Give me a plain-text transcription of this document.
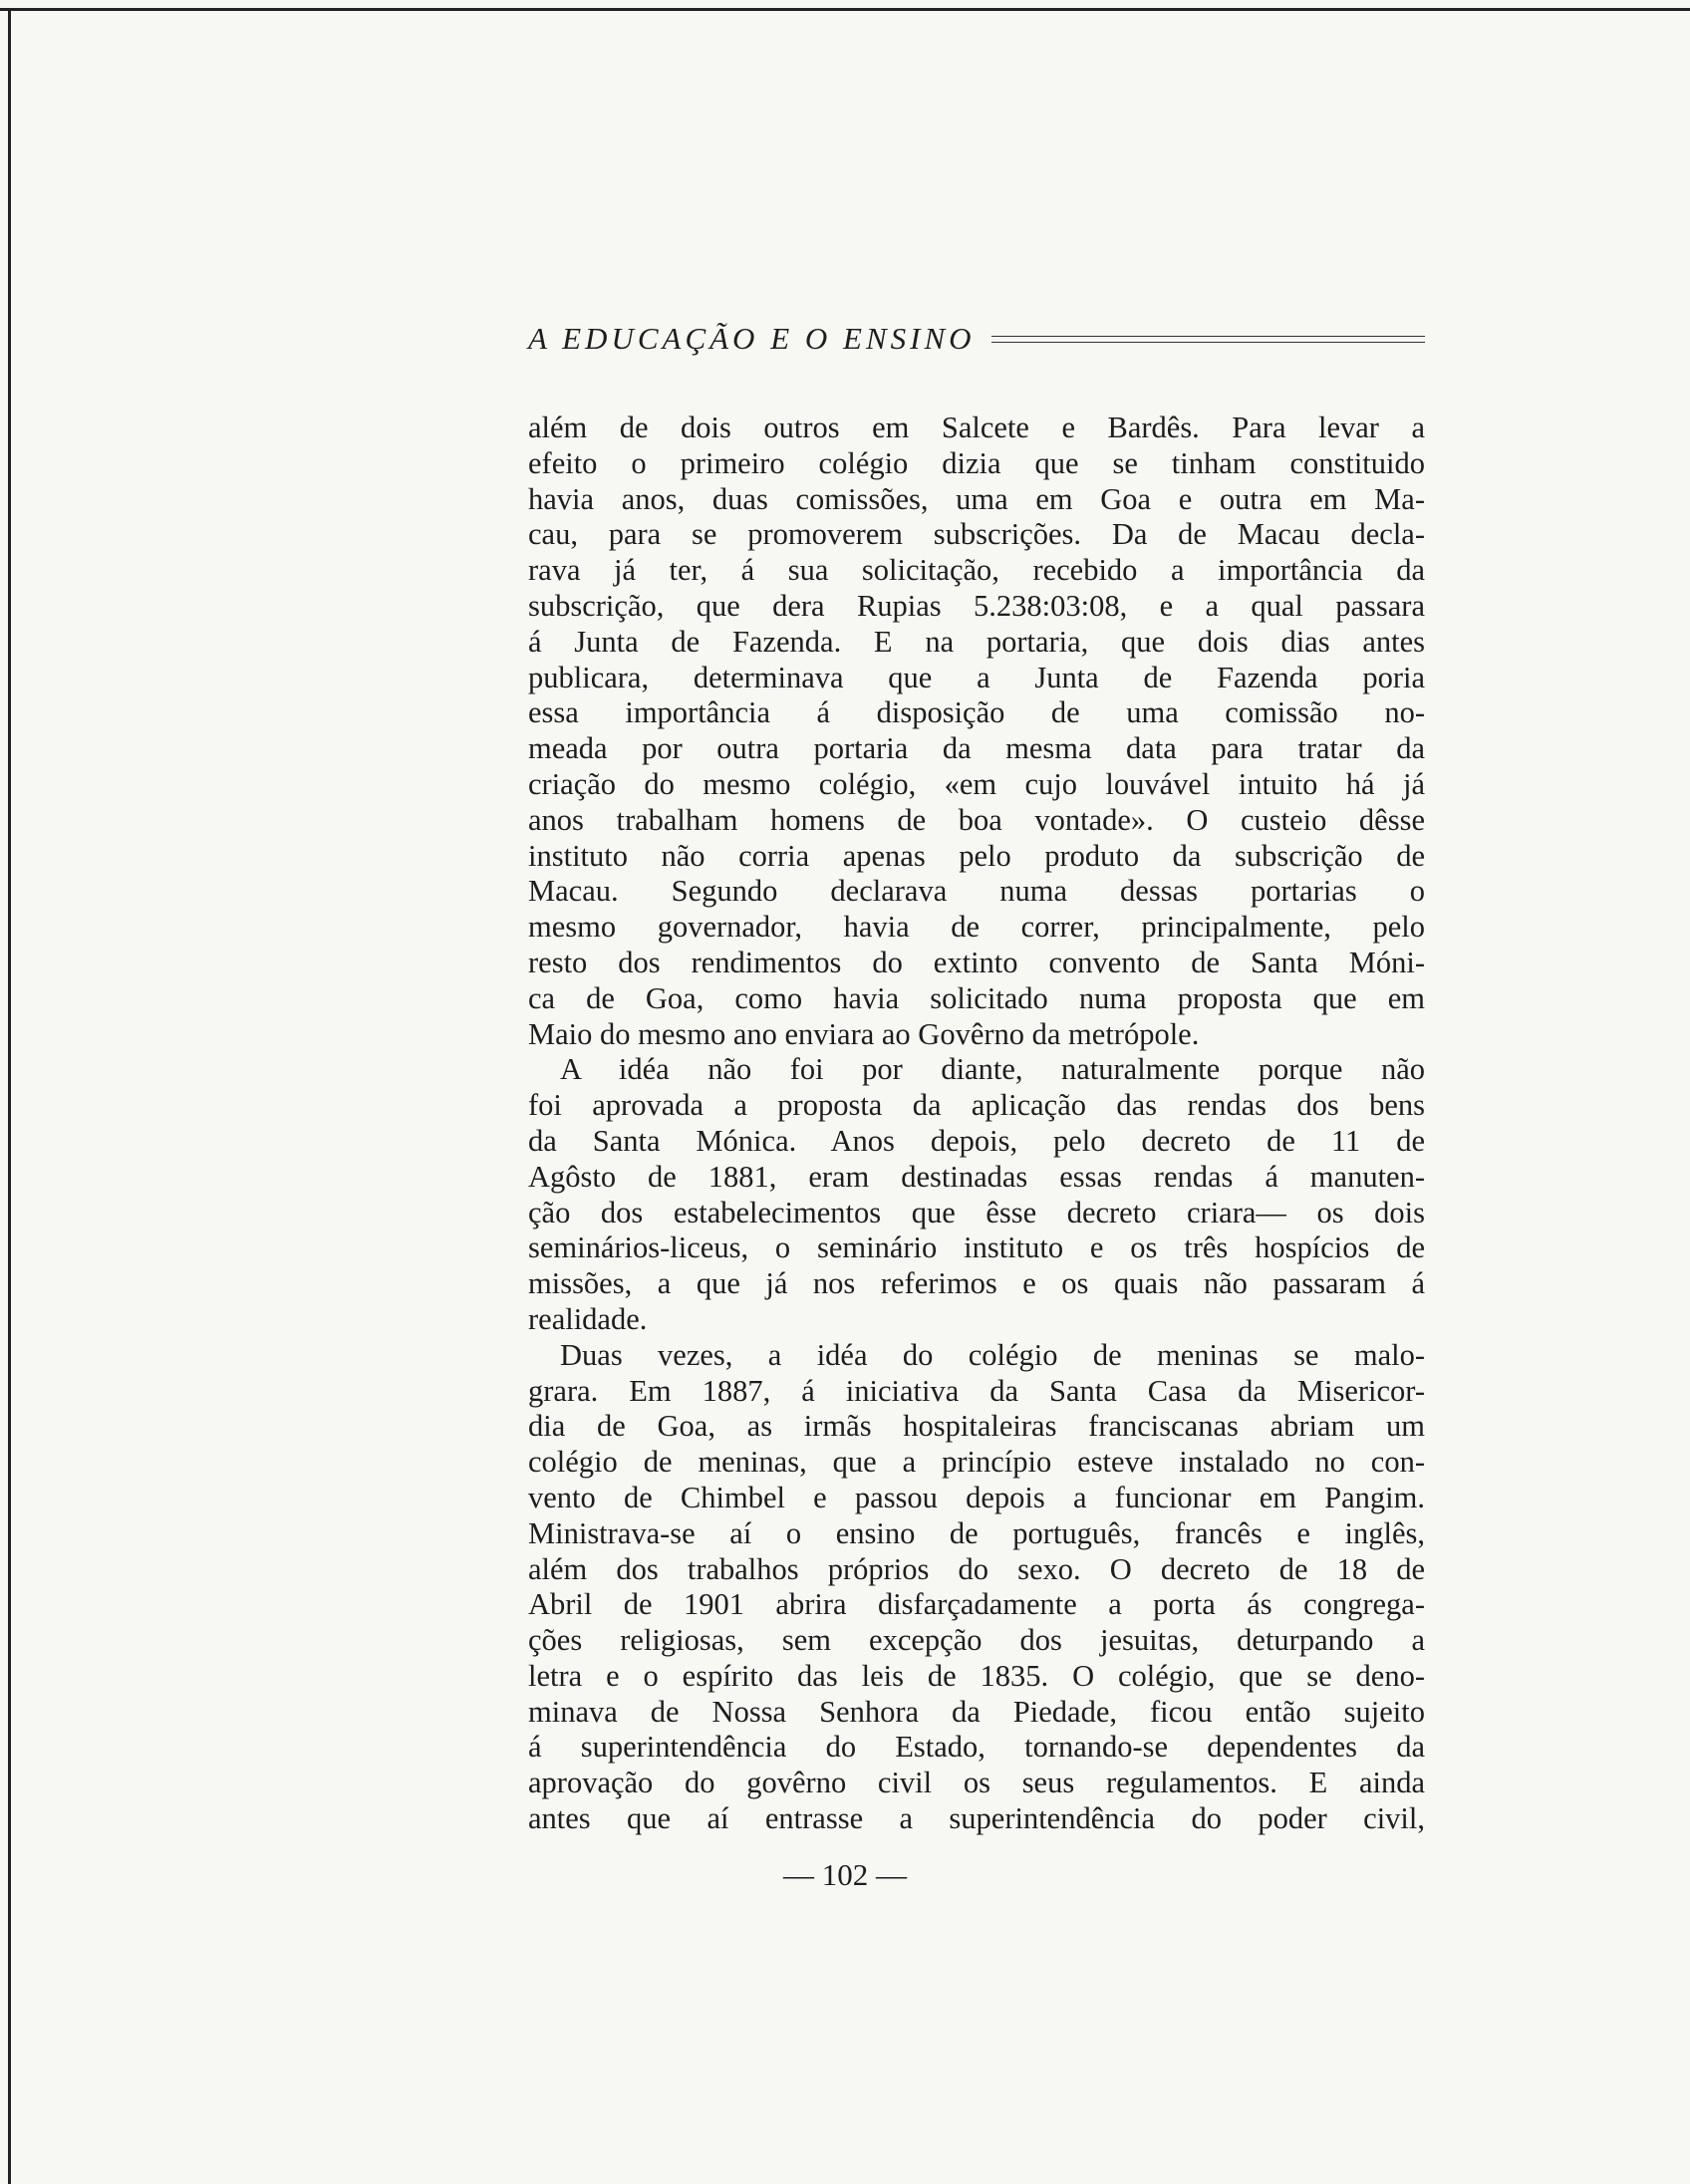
A EDUCAÇÃO E O ENSINO

além de dois outros em Salcete e Bardês. Para levar a
efeito o primeiro colégio dizia que se tinham constituido
havia anos, duas comissões, uma em Goa e outra em Ma-
cau, para se promoverem subscrições. Da de Macau decla-
rava já ter, á sua solicitação, recebido a importância da
subscrição, que dera Rupias 5.238:03:08, e a qual passara
á Junta de Fazenda. E na portaria, que dois dias antes
publicara, determinava que a Junta de Fazenda poria
essa importância á disposição de uma comissão no-
meada por outra portaria da mesma data para tratar da
criação do mesmo colégio, «em cujo louvável intuito há já
anos trabalham homens de boa vontade». O custeio dêsse
instituto não corria apenas pelo produto da subscrição de
Macau. Segundo declarava numa dessas portarias o
mesmo governador, havia de correr, principalmente, pelo
resto dos rendimentos do extinto convento de Santa Móni-
ca de Goa, como havia solicitado numa proposta que em
Maio do mesmo ano enviara ao Govêrno da metrópole.

A idéa não foi por diante, naturalmente porque não
foi aprovada a proposta da aplicação das rendas dos bens
da Santa Mónica. Anos depois, pelo decreto de 11 de
Agôsto de 1881, eram destinadas essas rendas á manuten-
ção dos estabelecimentos que êsse decreto criara— os dois
seminários-liceus, o seminário instituto e os três hospícios de
missões, a que já nos referimos e os quais não passaram á
realidade.

Duas vezes, a idéa do colégio de meninas se malo-
grara. Em 1887, á iniciativa da Santa Casa da Misericor-
dia de Goa, as irmãs hospitaleiras franciscanas abriam um
colégio de meninas, que a princípio esteve instalado no con-
vento de Chimbel e passou depois a funcionar em Pangim.
Ministrava-se aí o ensino de português, francês e inglês,
além dos trabalhos próprios do sexo. O decreto de 18 de
Abril de 1901 abrira disfarçadamente a porta ás congrega-
ções religiosas, sem excepção dos jesuitas, deturpando a
letra e o espírito das leis de 1835. O colégio, que se deno-
minava de Nossa Senhora da Piedade, ficou então sujeito
á superintendência do Estado, tornando-se dependentes da
aprovação do govêrno civil os seus regulamentos. E ainda
antes que aí entrasse a superintendência do poder civil,

— 102 —
